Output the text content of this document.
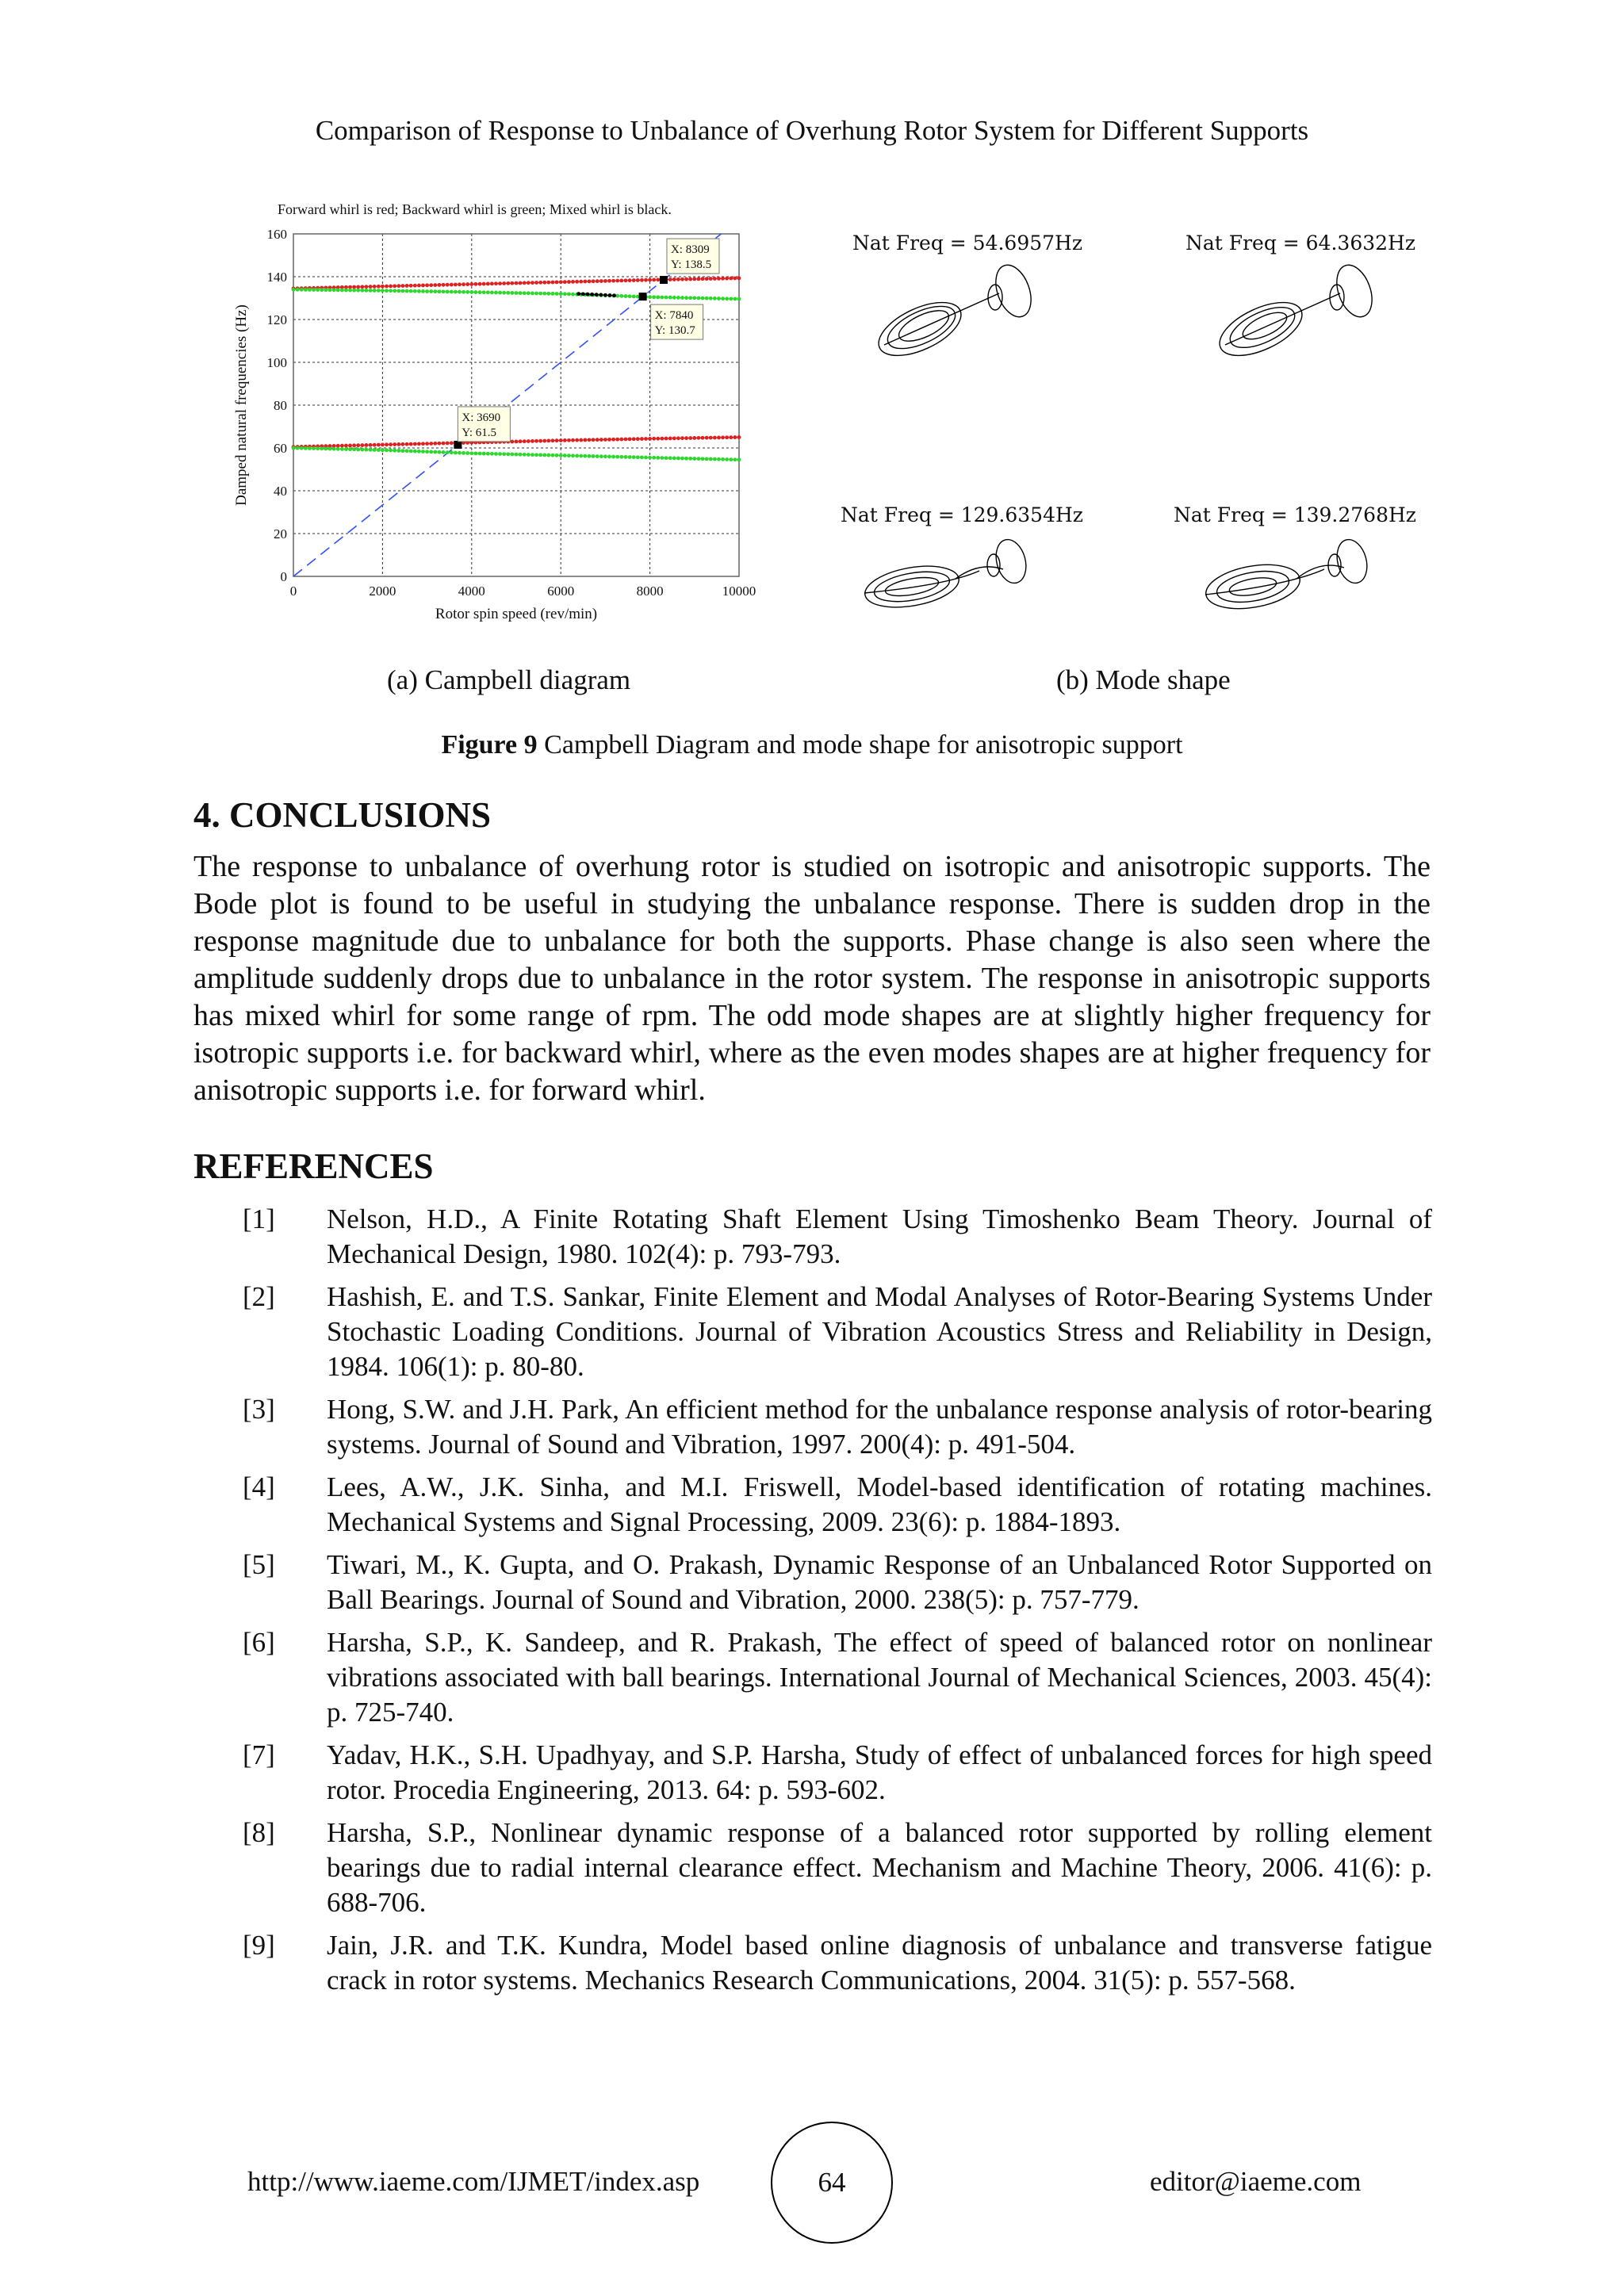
Comparison of Response to Unbalance of Overhung Rotor System for Different Supports
Forward whirl is red; Backward whirl is green; Mixed whirl is black.
0	2000	4000	6000	8000	10000
0
20
40
60
80
100
120
140
160
X: 3690
Y: 61.5
X: 7840
Y: 130.7
X: 8309
Y: 138.5
Rotor spin speed (rev/min)
Damped natural frequencies (Hz)
Nat Freq = 54.6957Hz	Nat Freq = 64.3632Hz
Nat Freq = 129.6354Hz	Nat Freq = 139.2768Hz
(a) Campbell diagram	(b) Mode shape
Figure 9 Campbell Diagram and mode shape for anisotropic support
4. CONCLUSIONS

The response to unbalance of overhung rotor is studied on isotropic and anisotropic supports. The Bode plot is found to be useful in studying the unbalance response. There is sudden drop in the response magnitude due to unbalance for both the supports. Phase change is also seen where the amplitude suddenly drops due to unbalance in the rotor system. The response in anisotropic supports has mixed whirl for some range of rpm. The odd mode shapes are at slightly higher frequency for isotropic supports i.e. for backward whirl, where as the even modes shapes are at higher frequency for anisotropic supports i.e. for forward whirl.

REFERENCES
[1]	Nelson, H.D., A Finite Rotating Shaft Element Using Timoshenko Beam Theory. Journal of Mechanical Design, 1980. 102(4): p. 793-793.
[2]	Hashish, E. and T.S. Sankar, Finite Element and Modal Analyses of Rotor-Bearing Systems Under Stochastic Loading Conditions. Journal of Vibration Acoustics Stress and Reliability in Design, 1984. 106(1): p. 80-80.
[3]	Hong, S.W. and J.H. Park, An efficient method for the unbalance response analysis of rotor-bearing systems. Journal of Sound and Vibration, 1997. 200(4): p. 491-504.
[4]	Lees, A.W., J.K. Sinha, and M.I. Friswell, Model-based identification of rotating machines. Mechanical Systems and Signal Processing, 2009. 23(6): p. 1884-1893.
[5]	Tiwari, M., K. Gupta, and O. Prakash, Dynamic Response of an Unbalanced Rotor Supported on Ball Bearings. Journal of Sound and Vibration, 2000. 238(5): p. 757-779.
[6]	Harsha, S.P., K. Sandeep, and R. Prakash, The effect of speed of balanced rotor on nonlinear vibrations associated with ball bearings. International Journal of Mechanical Sciences, 2003. 45(4): p. 725-740.
[7]	Yadav, H.K., S.H. Upadhyay, and S.P. Harsha, Study of effect of unbalanced forces for high speed rotor. Procedia Engineering, 2013. 64: p. 593-602.
[8]	Harsha, S.P., Nonlinear dynamic response of a balanced rotor supported by rolling element bearings due to radial internal clearance effect. Mechanism and Machine Theory, 2006. 41(6): p. 688-706.
[9]	Jain, J.R. and T.K. Kundra, Model based online diagnosis of unbalance and transverse fatigue crack in rotor systems. Mechanics Research Communications, 2004. 31(5): p. 557-568.
http://www.iaeme.com/IJMET/index.asp	64	editor@iaeme.com
